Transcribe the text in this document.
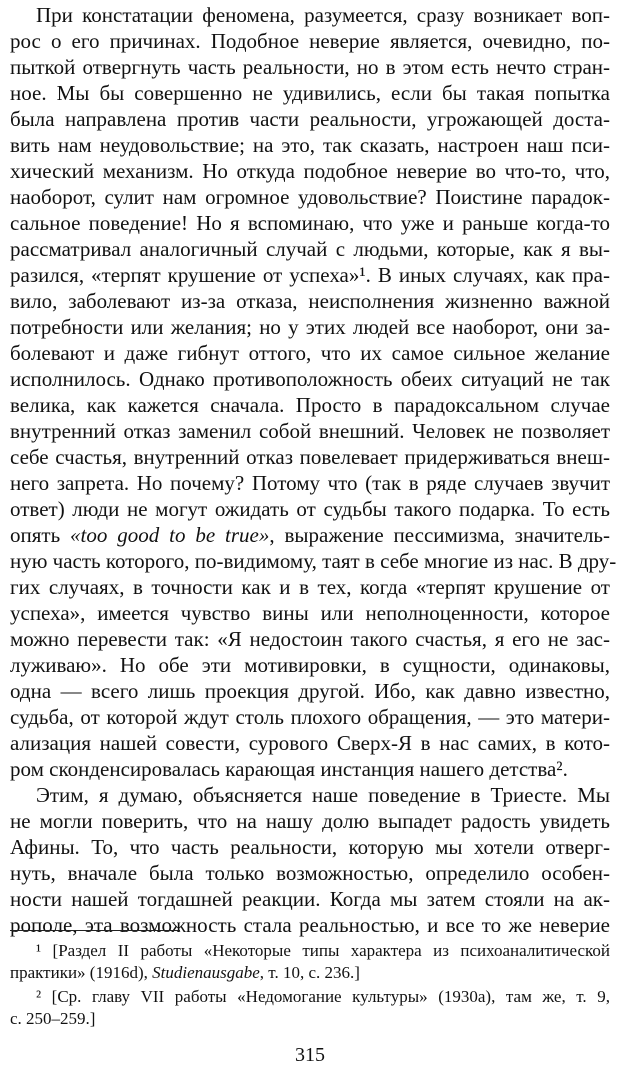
При констатации феномена, разумеется, сразу возникает воп-
рос о его причинах. Подобное неверие является, очевидно, по-
пыткой отвергнуть часть реальности, но в этом есть нечто стран-
ное. Мы бы совершенно не удивились, если бы такая попытка
была направлена против части реальности, угрожающей доста-
вить нам неудовольствие; на это, так сказать, настроен наш пси-
хический механизм. Но откуда подобное неверие во что-то, что,
наоборот, сулит нам огромное удовольствие? Поистине парадок-
сальное поведение! Но я вспоминаю, что уже и раньше когда-то
рассматривал аналогичный случай с людьми, которые, как я вы-
разился, «терпят крушение от успеха»¹. В иных случаях, как пра-
вило, заболевают из-за отказа, неисполнения жизненно важной
потребности или желания; но у этих людей все наоборот, они за-
болевают и даже гибнут оттого, что их самое сильное желание
исполнилось. Однако противоположность обеих ситуаций не так
велика, как кажется сначала. Просто в парадоксальном случае
внутренний отказ заменил собой внешний. Человек не позволяет
себе счастья, внутренний отказ повелевает придерживаться внеш-
него запрета. Но почему? Потому что (так в ряде случаев звучит
ответ) люди не могут ожидать от судьбы такого подарка. То есть
опять «too good to be true», выражение пессимизма, значитель-
ную часть которого, по-видимому, таят в себе многие из нас. В дру-
гих случаях, в точности как и в тех, когда «терпят крушение от
успеха», имеется чувство вины или неполноценности, которое
можно перевести так: «Я недостоин такого счастья, я его не зас-
луживаю». Но обе эти мотивировки, в сущности, одинаковы,
одна — всего лишь проекция другой. Ибо, как давно известно,
судьба, от которой ждут столь плохого обращения, — это матери-
ализация нашей совести, сурового Сверх-Я в нас самих, в кото-
ром сконденсировалась карающая инстанция нашего детства².
Этим, я думаю, объясняется наше поведение в Триесте. Мы
не могли поверить, что на нашу долю выпадет радость увидеть
Афины. То, что часть реальности, которую мы хотели отверг-
нуть, вначале была только возможностью, определило особен-
ности нашей тогдашней реакции. Когда мы затем стояли на ак-
рополе, эта возможность стала реальностью, и все то же неверие
¹ [Раздел II работы «Некоторые типы характера из психоаналитической
практики» (1916d), Studienausgabe, т. 10, с. 236.]
² [Ср. главу VII работы «Недомогание культуры» (1930a), там же, т. 9,
с. 250–259.]
315
